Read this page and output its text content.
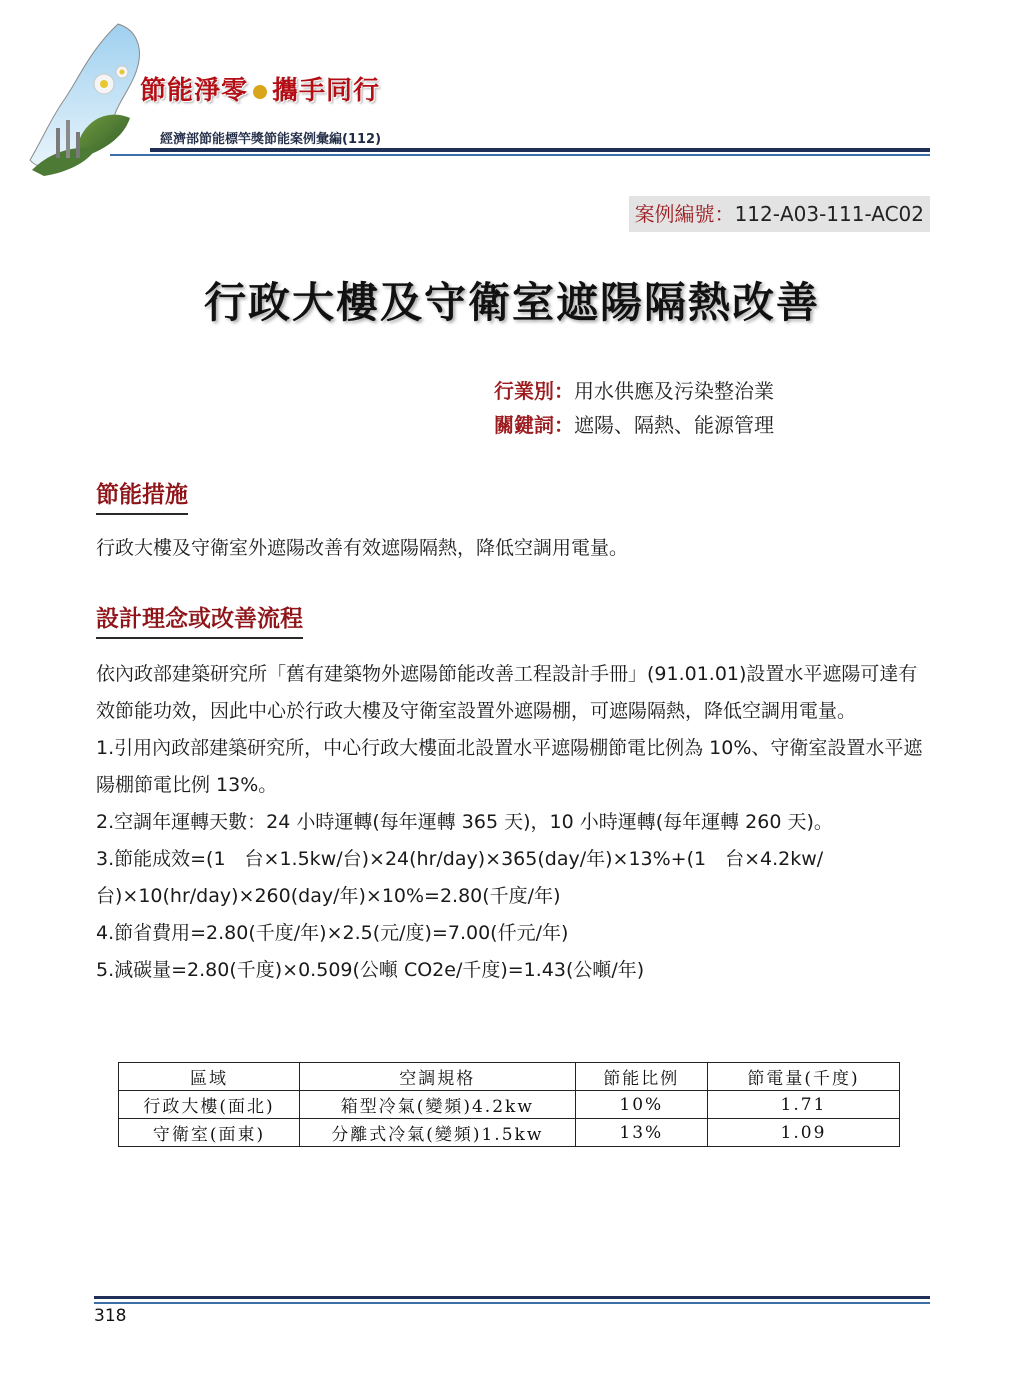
節能淨零 攜手同行
經濟部節能標竿獎節能案例彙編(112)
案例編號：112-A03-111-AC02
行政大樓及守衛室遮陽隔熱改善
行業別：用水供應及污染整治業
關鍵詞：遮陽、隔熱、能源管理
節能措施

行政大樓及守衛室外遮陽改善有效遮陽隔熱，降低空調用電量。

設計理念或改善流程

依內政部建築研究所「舊有建築物外遮陽節能改善工程設計手冊」(91.01.01)設置水平遮陽可達有效節能功效，因此中心於行政大樓及守衛室設置外遮陽棚，可遮陽隔熱，降低空調用電量。

1.引用內政部建築研究所，中心行政大樓面北設置水平遮陽棚節電比例為 10%、守衛室設置水平遮陽棚節電比例 13%。

2.空調年運轉天數：24 小時運轉(每年運轉 365 天)，10 小時運轉(每年運轉 260 天)。

3.節能成效=(1　台×1.5kw/台)×24(hr/day)×365(day/年)×13%+(1　台×4.2kw/台)×10(hr/day)×260(day/年)×10%=2.80(千度/年)

4.節省費用=2.80(千度/年)×2.5(元/度)=7.00(仟元/年)

5.減碳量=2.80(千度)×0.509(公噸 CO2e/千度)=1.43(公噸/年)

區域	空調規格	節能比例	節電量(千度)
行政大樓(面北)	箱型冷氣(變頻)4.2kw	10%	1.71
守衛室(面東)	分離式冷氣(變頻)1.5kw	13%	1.09
318
